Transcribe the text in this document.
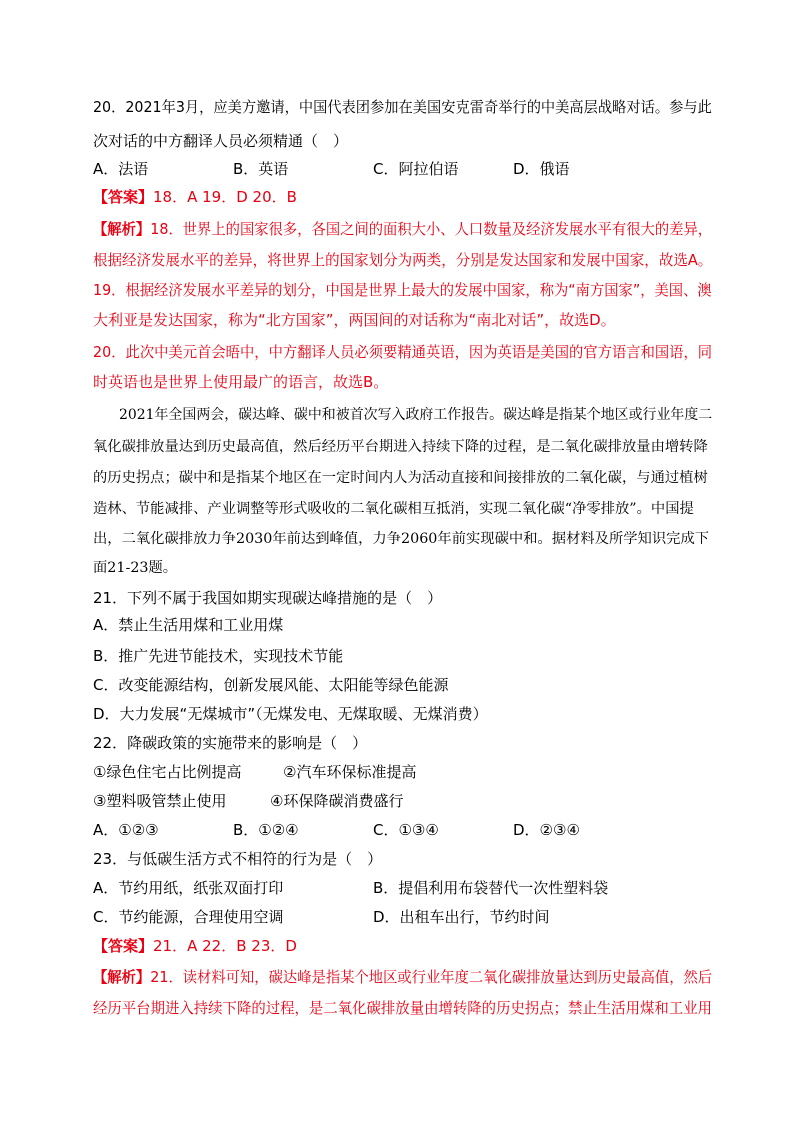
20．2021年3月，应美方邀请，中国代表团参加在美国安克雷奇举行的中美高层战略对话。参与此
次对话的中方翻译人员必须精通（　）
A．法语	B．英语	C．阿拉伯语	D．俄语
【答案】18．A 19．D 20．B
【解析】18．世界上的国家很多，各国之间的面积大小、人口数量及经济发展水平有很大的差异，
根据经济发展水平的差异，将世界上的国家划分为两类，分别是发达国家和发展中国家，故选A。
19．根据经济发展水平差异的划分，中国是世界上最大的发展中国家，称为“南方国家”，美国、澳
大利亚是发达国家，称为“北方国家”，两国间的对话称为“南北对话”，故选D。
20．此次中美元首会晤中，中方翻译人员必须要精通英语，因为英语是美国的官方语言和国语，同
时英语也是世界上使用最广的语言，故选B。
2021年全国两会，碳达峰、碳中和被首次写入政府工作报告。碳达峰是指某个地区或行业年度二
氧化碳排放量达到历史最高值，然后经历平台期进入持续下降的过程，是二氧化碳排放量由增转降
的历史拐点；碳中和是指某个地区在一定时间内人为活动直接和间接排放的二氧化碳，与通过植树
造林、节能减排、产业调整等形式吸收的二氧化碳相互抵消，实现二氧化碳“净零排放”。中国提
出，二氧化碳排放力争2030年前达到峰值，力争2060年前实现碳中和。据材料及所学知识完成下
面21-23题。
21．下列不属于我国如期实现碳达峰措施的是（　）
A．禁止生活用煤和工业用煤
B．推广先进节能技术，实现技术节能
C．改变能源结构，创新发展风能、太阳能等绿色能源
D．大力发展“无煤城市”（无煤发电、无煤取暖、无煤消费）
22．降碳政策的实施带来的影响是（　）
①绿色住宅占比例提高	②汽车环保标准提高
③塑料吸管禁止使用	④环保降碳消费盛行
A．①②③	B．①②④	C．①③④	D．②③④
23．与低碳生活方式不相符的行为是（　）
A．节约用纸，纸张双面打印	B．提倡利用布袋替代一次性塑料袋
C．节约能源，合理使用空调	D．出租车出行，节约时间
【答案】21．A 22．B 23．D
【解析】21．读材料可知，碳达峰是指某个地区或行业年度二氧化碳排放量达到历史最高值，然后
经历平台期进入持续下降的过程，是二氧化碳排放量由增转降的历史拐点；禁止生活用煤和工业用
